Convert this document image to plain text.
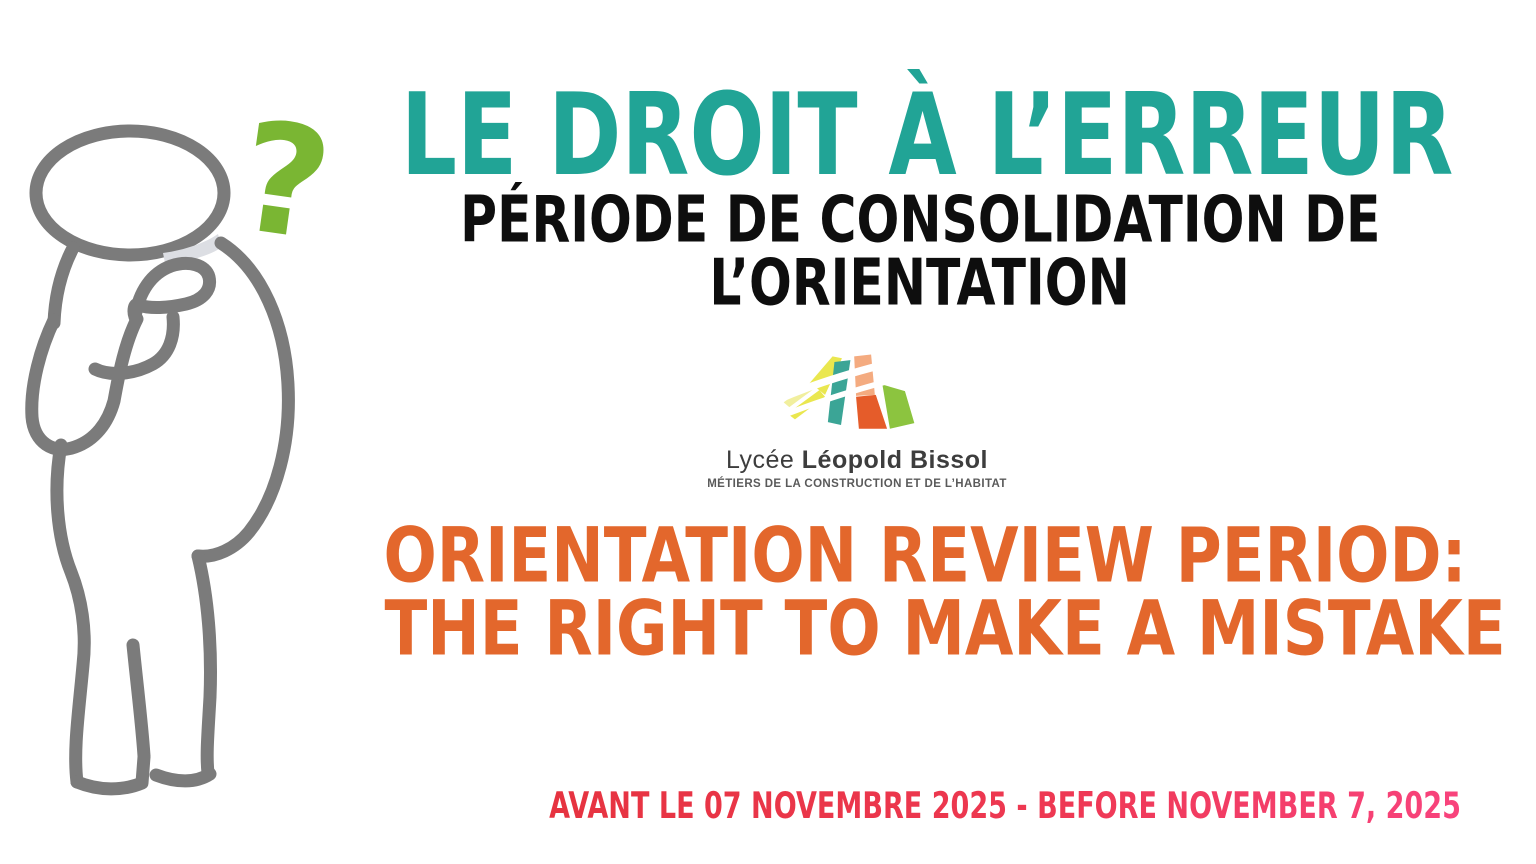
? LE DROIT À L’ERREUR
PÉRIODE DE CONSOLIDATION DE
L’ORIENTATION
Lycée Léopold Bissol
MÉTIERS DE LA CONSTRUCTION ET DE L’HABITAT
ORIENTATION REVIEW PERIOD:
THE RIGHT TO MAKE A MISTAKE
AVANT LE 07 NOVEMBRE 2025 - BEFORE NOVEMBER 7, 2025
